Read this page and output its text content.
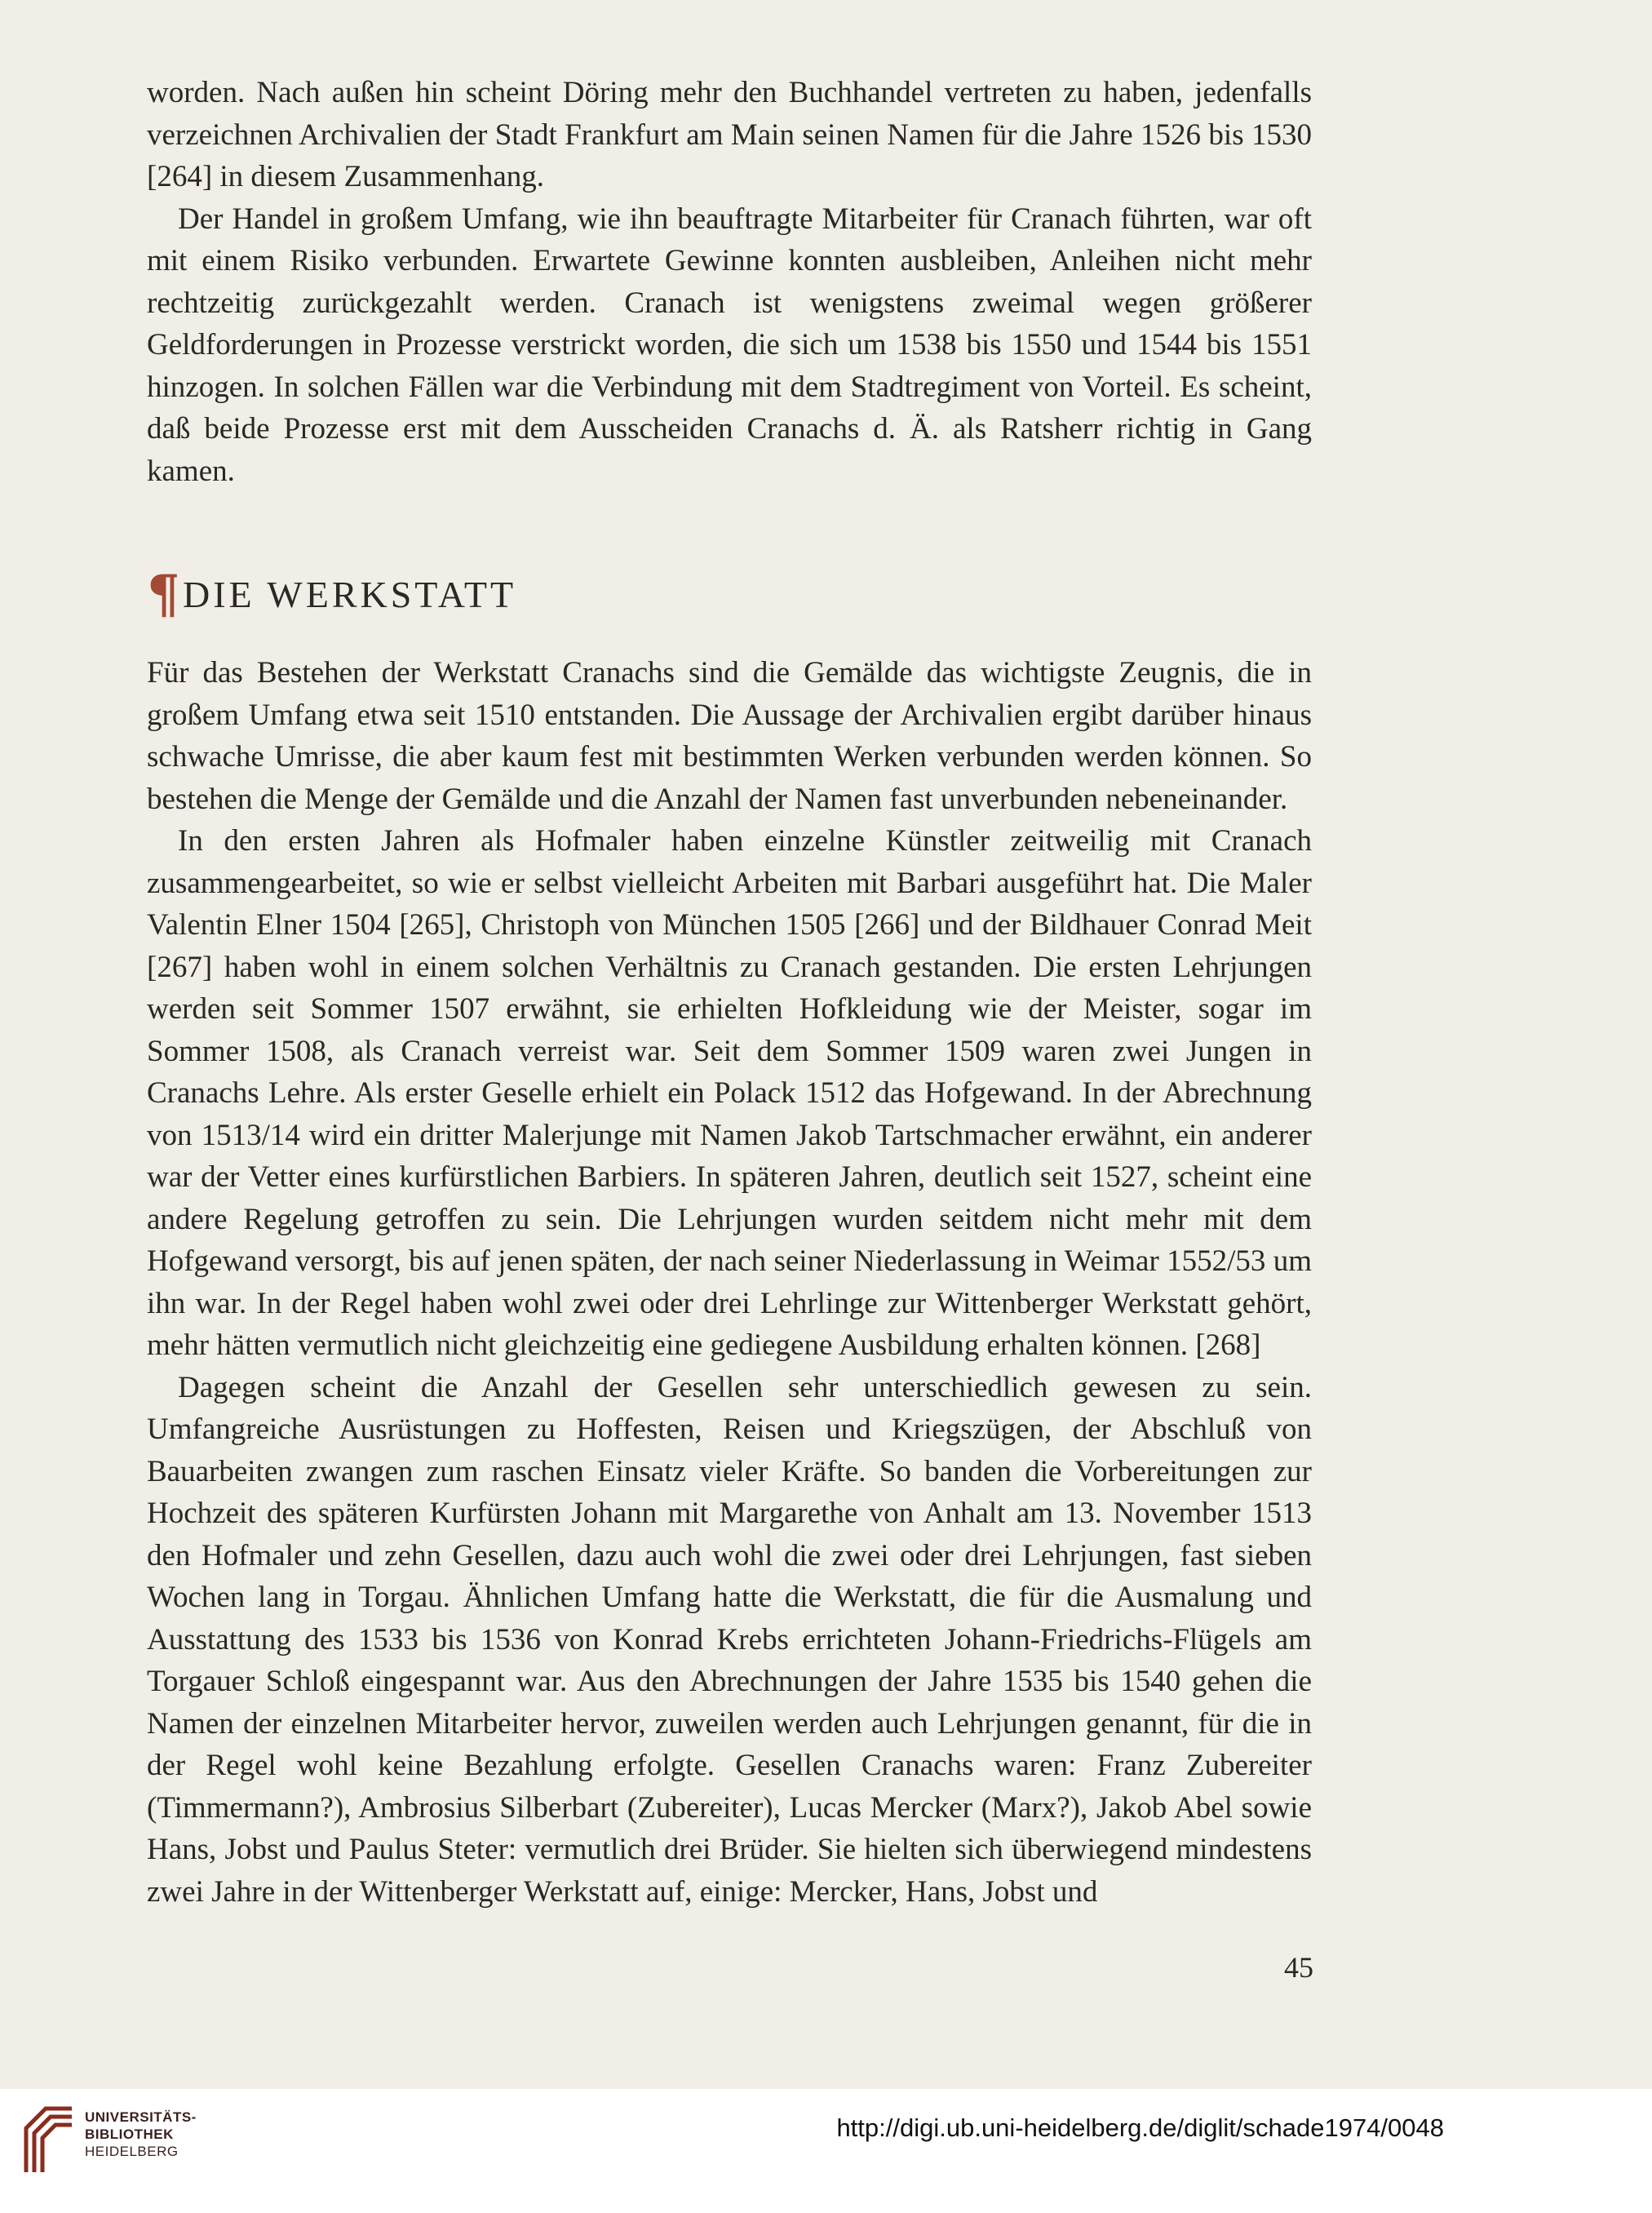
worden. Nach außen hin scheint Döring mehr den Buchhandel vertreten zu haben, jedenfalls verzeichnen Archivalien der Stadt Frankfurt am Main seinen Namen für die Jahre 1526 bis 1530 [264] in diesem Zusammenhang.

Der Handel in großem Umfang, wie ihn beauftragte Mitarbeiter für Cranach führten, war oft mit einem Risiko verbunden. Erwartete Gewinne konnten ausbleiben, Anleihen nicht mehr rechtzeitig zurückgezahlt werden. Cranach ist wenigstens zweimal wegen größerer Geldforderungen in Prozesse verstrickt worden, die sich um 1538 bis 1550 und 1544 bis 1551 hinzogen. In solchen Fällen war die Verbindung mit dem Stadtregiment von Vorteil. Es scheint, daß beide Prozesse erst mit dem Ausscheiden Cranachs d. Ä. als Ratsherr richtig in Gang kamen.

¶ DIE WERKSTATT

Für das Bestehen der Werkstatt Cranachs sind die Gemälde das wichtigste Zeugnis, die in großem Umfang etwa seit 1510 entstanden. Die Aussage der Archivalien ergibt darüber hinaus schwache Umrisse, die aber kaum fest mit bestimmten Werken verbunden werden können. So bestehen die Menge der Gemälde und die Anzahl der Namen fast unverbunden nebeneinander.

In den ersten Jahren als Hofmaler haben einzelne Künstler zeitweilig mit Cranach zusammengearbeitet, so wie er selbst vielleicht Arbeiten mit Barbari ausgeführt hat. Die Maler Valentin Elner 1504 [265], Christoph von München 1505 [266] und der Bildhauer Conrad Meit [267] haben wohl in einem solchen Verhältnis zu Cranach gestanden. Die ersten Lehrjungen werden seit Sommer 1507 erwähnt, sie erhielten Hofkleidung wie der Meister, sogar im Sommer 1508, als Cranach verreist war. Seit dem Sommer 1509 waren zwei Jungen in Cranachs Lehre. Als erster Geselle erhielt ein Polack 1512 das Hofgewand. In der Abrechnung von 1513/14 wird ein dritter Malerjunge mit Namen Jakob Tartschmacher erwähnt, ein anderer war der Vetter eines kurfürstlichen Barbiers. In späteren Jahren, deutlich seit 1527, scheint eine andere Regelung getroffen zu sein. Die Lehrjungen wurden seitdem nicht mehr mit dem Hofgewand versorgt, bis auf jenen späten, der nach seiner Niederlassung in Weimar 1552/53 um ihn war. In der Regel haben wohl zwei oder drei Lehrlinge zur Wittenberger Werkstatt gehört, mehr hätten vermutlich nicht gleichzeitig eine gediegene Ausbildung erhalten können. [268]

Dagegen scheint die Anzahl der Gesellen sehr unterschiedlich gewesen zu sein. Umfangreiche Ausrüstungen zu Hoffesten, Reisen und Kriegszügen, der Abschluß von Bauarbeiten zwangen zum raschen Einsatz vieler Kräfte. So banden die Vorbereitungen zur Hochzeit des späteren Kurfürsten Johann mit Margarethe von Anhalt am 13. November 1513 den Hofmaler und zehn Gesellen, dazu auch wohl die zwei oder drei Lehrjungen, fast sieben Wochen lang in Torgau. Ähnlichen Umfang hatte die Werkstatt, die für die Ausmalung und Ausstattung des 1533 bis 1536 von Konrad Krebs errichteten Johann-Friedrichs-Flügels am Torgauer Schloß eingespannt war. Aus den Abrechnungen der Jahre 1535 bis 1540 gehen die Namen der einzelnen Mitarbeiter hervor, zuweilen werden auch Lehrjungen genannt, für die in der Regel wohl keine Bezahlung erfolgte. Gesellen Cranachs waren: Franz Zubereiter (Timmermann?), Ambrosius Silberbart (Zubereiter), Lucas Mercker (Marx?), Jakob Abel sowie Hans, Jobst und Paulus Steter: vermutlich drei Brüder. Sie hielten sich überwiegend mindestens zwei Jahre in der Wittenberger Werkstatt auf, einige: Mercker, Hans, Jobst und

45
UNIVERSITÄTS-
BIBLIOTHEK
HEIDELBERG
http://digi.ub.uni-heidelberg.de/diglit/schade1974/0048
